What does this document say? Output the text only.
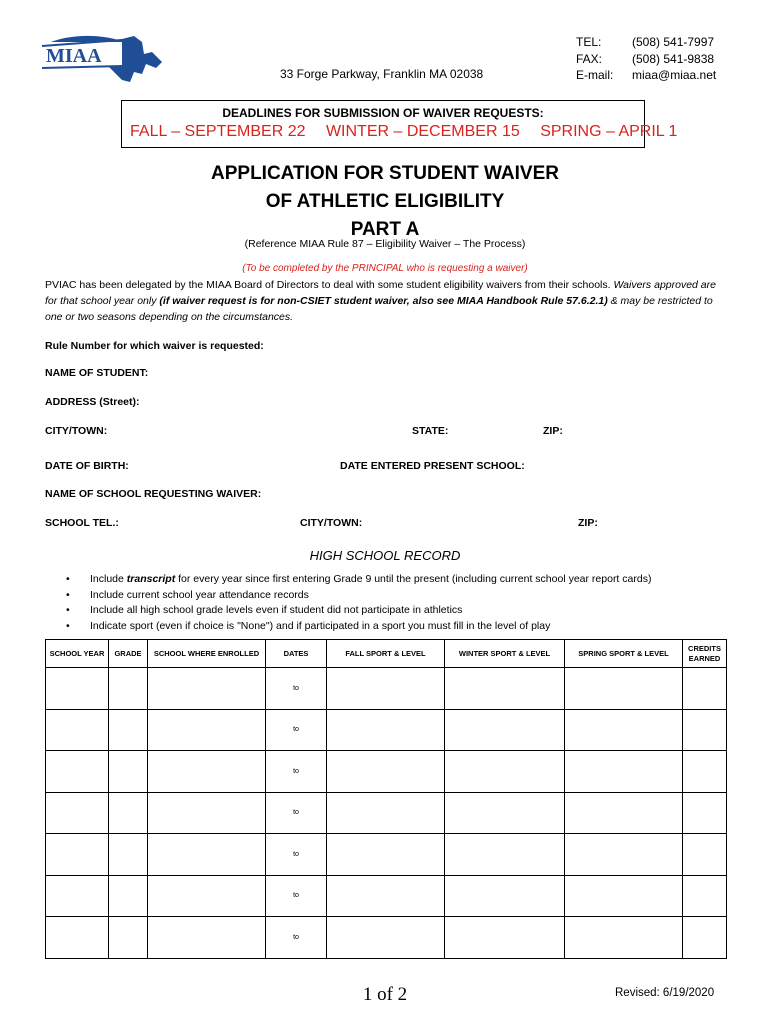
MIAA
33 Forge Parkway, Franklin MA 02038
TEL:	(508) 541-7997
FAX:	(508) 541-9838
E-mail:	miaa@miaa.net
DEADLINES FOR SUBMISSION OF WAIVER REQUESTS:
FALL – SEPTEMBER 22 WINTER – DECEMBER 15 SPRING – APRIL 1
APPLICATION FOR STUDENT WAIVER
OF ATHLETIC ELIGIBILITY
PART A
(Reference MIAA Rule 87 – Eligibility Waiver – The Process)
(To be completed by the PRINCIPAL who is requesting a waiver)
PVIAC has been delegated by the MIAA Board of Directors to deal with some student eligibility waivers from their schools. Waivers approved are for that school year only (if waiver request is for non-CSIET student waiver, also see MIAA Handbook Rule 57.6.2.1) & may be restricted to one or two seasons depending on the circumstances.
Rule Number for which waiver is requested:
NAME OF STUDENT:
ADDRESS (Street):
CITY/TOWN:	STATE:	ZIP:
DATE OF BIRTH:	DATE ENTERED PRESENT SCHOOL:
NAME OF SCHOOL REQUESTING WAIVER:
SCHOOL TEL.:	CITY/TOWN:	ZIP:
HIGH SCHOOL RECORD
• Include transcript for every year since first entering Grade 9 until the present (including current school year report cards)
• Include current school year attendance records
• Include all high school grade levels even if student did not participate in athletics
• Indicate sport (even if choice is "None") and if participated in a sport you must fill in the level of play
SCHOOL YEAR	GRADE	SCHOOL WHERE ENROLLED	DATES	FALL SPORT & LEVEL	WINTER SPORT & LEVEL	SPRING SPORT & LEVEL	CREDITS EARNED
			to				
			to				
			to				
			to				
			to				
			to				
			to				
1 of 2	Revised: 6/19/2020
